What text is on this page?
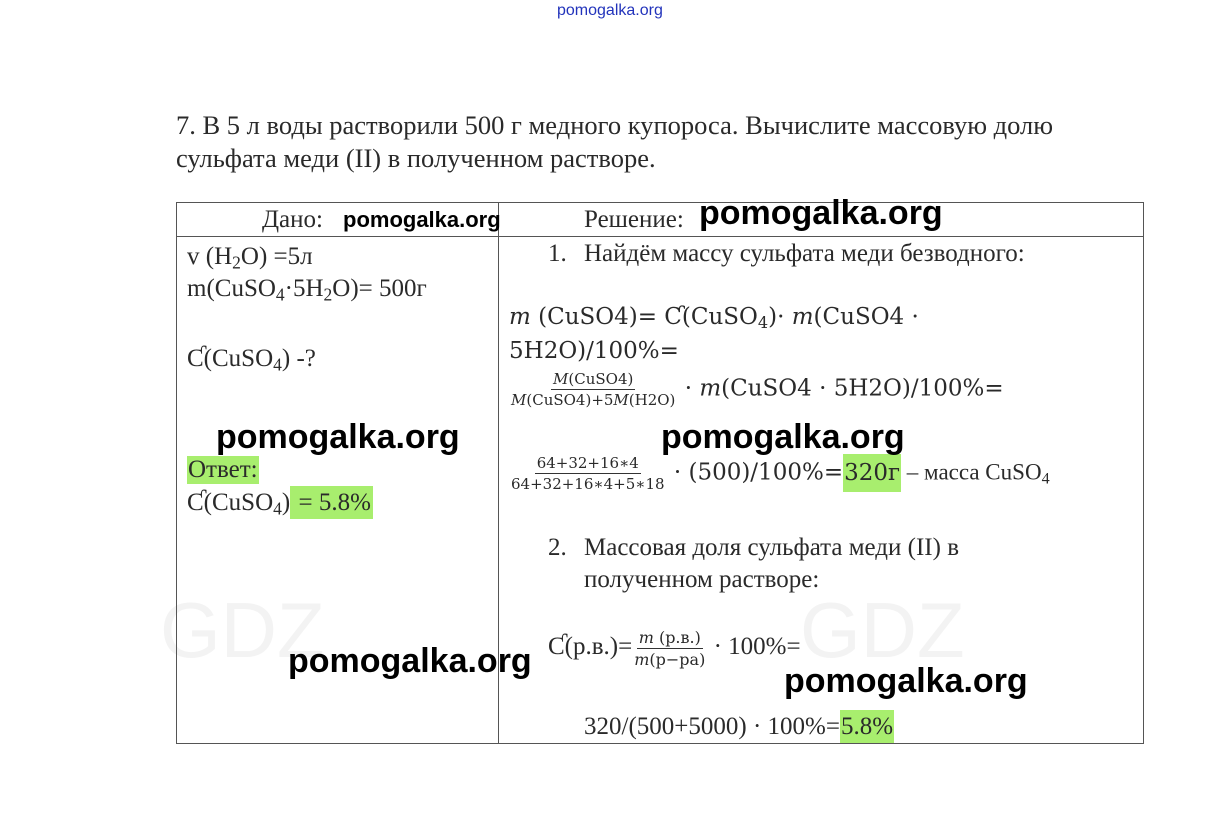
GDZ	GDZ
pomogalka.org
7. В 5 л воды растворили 500 г медного купороса. Вычислите массовую долю
сульфата меди (II) в полученном растворе.
Дано:	Решение:
v $(H_2O) =5л$
$m(CuSO_4\cdot 5H_2O)= 500г$
Ƈ(CuSO$_4$) -?
Ответ:
Ƈ(CuSO$_4$) = 5.8%
1. Найдём массу сульфата меди безводного:
𝑚 (CuSO4)= Ƈ(CuSO$_4$)· 𝑚(CuSO4 ·
5H2O)/100%=
$\frac{\text{𝑀(CuSO4)}}{\text{𝑀(CuSO4)+5𝑀(H2O)}}$ · 𝑚(CuSO4 · 5H2O)/100%=
$\frac{64+32+16∗4}{64+32+16∗4+5∗18} \cdot (500)/100\%=320г$ – масса CuSO$_4$
2. Массовая доля сульфата меди (II) в
полученном растворе:
Ƈ(р.в.)= $\frac{\text{𝑚 (р.в.)}}{\text{𝑚(р−ра)}} \cdot 100\%=$
320/(500+5000) · 100%=5.8%
pomogalka.org	pomogalka.org
pomogalka.org	pomogalka.org
pomogalka.org
pomogalka.org
